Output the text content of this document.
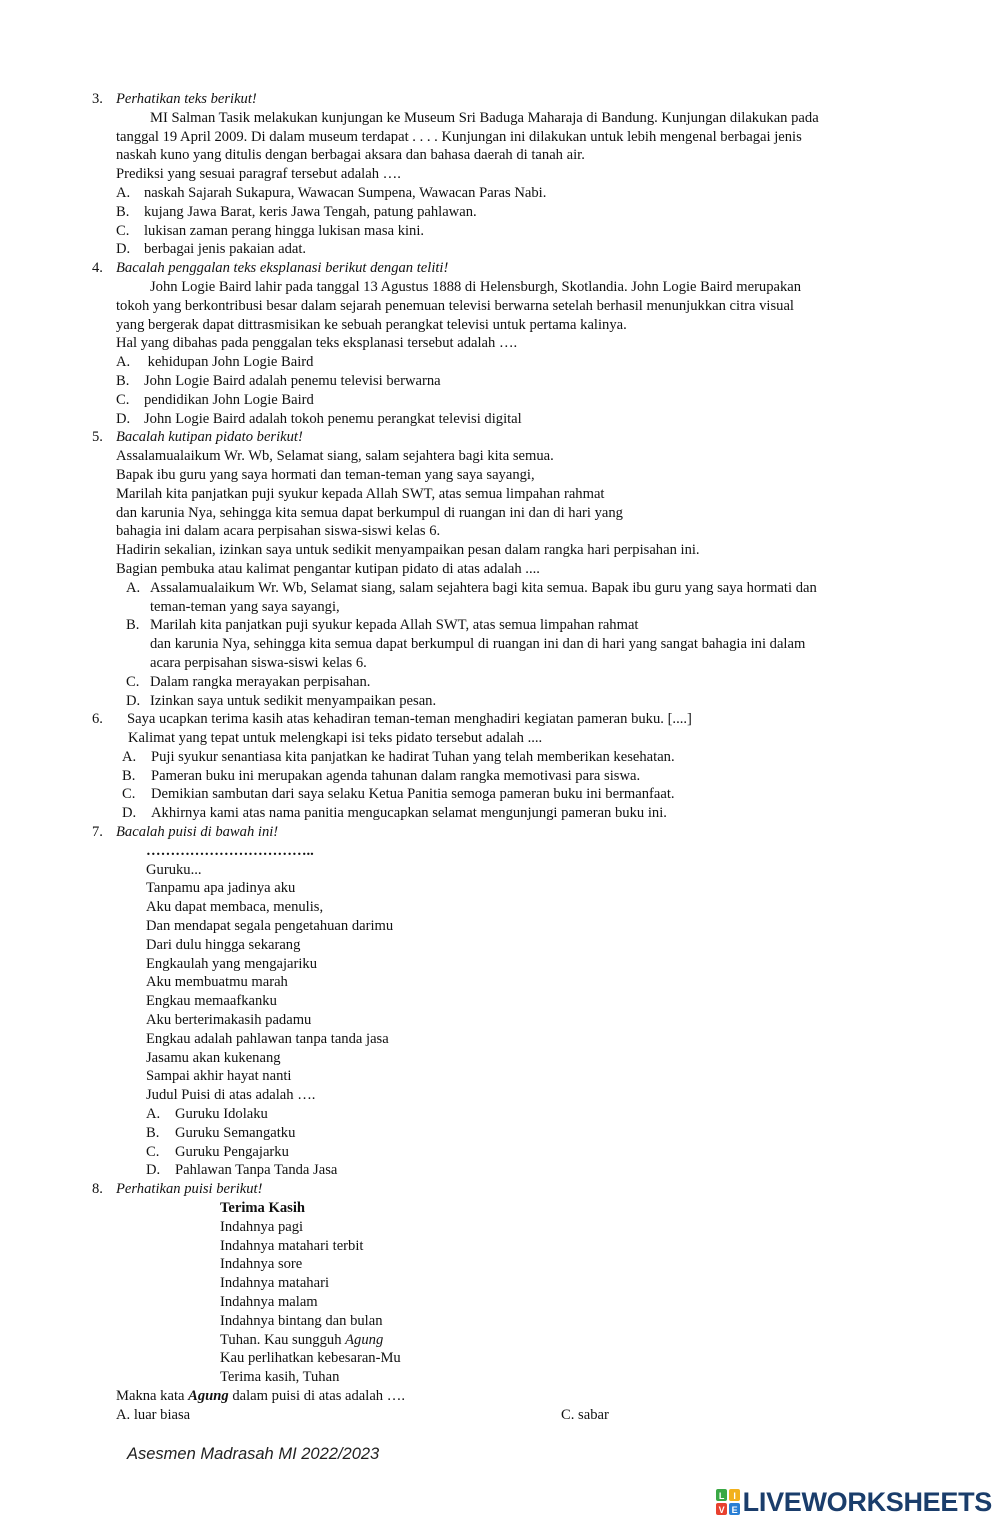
3. Perhatikan teks berikut!
MI Salman Tasik melakukan kunjungan ke Museum Sri Baduga Maharaja di Bandung. Kunjungan dilakukan pada
tanggal 19 April 2009. Di dalam museum terdapat . . . . Kunjungan ini dilakukan untuk lebih mengenal berbagai jenis
naskah kuno yang ditulis dengan berbagai aksara dan bahasa daerah di tanah air.
Prediksi yang sesuai paragraf tersebut adalah ….
A. naskah Sajarah Sukapura, Wawacan Sumpena, Wawacan Paras Nabi.
B. kujang Jawa Barat, keris Jawa Tengah, patung pahlawan.
C. lukisan zaman perang hingga lukisan masa kini.
D. berbagai jenis pakaian adat.
4. Bacalah penggalan teks eksplanasi berikut dengan teliti!
John Logie Baird lahir pada tanggal 13 Agustus 1888 di Helensburgh, Skotlandia. John Logie Baird merupakan
tokoh yang berkontribusi besar dalam sejarah penemuan televisi berwarna setelah berhasil menunjukkan citra visual
yang bergerak dapat dittrasmisikan ke sebuah perangkat televisi untuk pertama kalinya.
Hal yang dibahas pada penggalan teks eksplanasi tersebut adalah ….
A. kehidupan John Logie Baird
B. John Logie Baird adalah penemu televisi berwarna
C. pendidikan John Logie Baird
D. John Logie Baird adalah tokoh penemu perangkat televisi digital
5. Bacalah kutipan pidato berikut!
Assalamualaikum Wr. Wb, Selamat siang, salam sejahtera bagi kita semua.
Bapak ibu guru yang saya hormati dan teman-teman yang saya sayangi,
Marilah kita panjatkan puji syukur kepada Allah SWT, atas semua limpahan rahmat
dan karunia Nya, sehingga kita semua dapat berkumpul di ruangan ini dan di hari yang
bahagia ini dalam acara perpisahan siswa-siswi kelas 6.
Hadirin sekalian, izinkan saya untuk sedikit menyampaikan pesan dalam rangka hari perpisahan ini.
Bagian pembuka atau kalimat pengantar kutipan pidato di atas adalah ....
A. Assalamualaikum Wr. Wb, Selamat siang, salam sejahtera bagi kita semua. Bapak ibu guru yang saya hormati dan
teman-teman yang saya sayangi,
B. Marilah kita panjatkan puji syukur kepada Allah SWT, atas semua limpahan rahmat
dan karunia Nya, sehingga kita semua dapat berkumpul di ruangan ini dan di hari yang sangat bahagia ini dalam
acara perpisahan siswa-siswi kelas 6.
C. Dalam rangka merayakan perpisahan.
D. Izinkan saya untuk sedikit menyampaikan pesan.
6. Saya ucapkan terima kasih atas kehadiran teman-teman menghadiri kegiatan pameran buku. [....]
Kalimat yang tepat untuk melengkapi isi teks pidato tersebut adalah ....
A. Puji syukur senantiasa kita panjatkan ke hadirat Tuhan yang telah memberikan kesehatan.
B. Pameran buku ini merupakan agenda tahunan dalam rangka memotivasi para siswa.
C. Demikian sambutan dari saya selaku Ketua Panitia semoga pameran buku ini bermanfaat.
D. Akhirnya kami atas nama panitia mengucapkan selamat mengunjungi pameran buku ini.
7. Bacalah puisi di bawah ini!
……………………………..
Guruku...
Tanpamu apa jadinya aku
Aku dapat membaca, menulis,
Dan mendapat segala pengetahuan darimu
Dari dulu hingga sekarang
Engkaulah yang mengajariku
Aku membuatmu marah
Engkau memaafkanku
Aku berterimakasih padamu
Engkau adalah pahlawan tanpa tanda jasa
Jasamu akan kukenang
Sampai akhir hayat nanti
Judul Puisi di atas adalah ….
A. Guruku Idolaku
B. Guruku Semangatku
C. Guruku Pengajarku
D. Pahlawan Tanpa Tanda Jasa
8. Perhatikan puisi berikut!
Terima Kasih
Indahnya pagi
Indahnya matahari terbit
Indahnya sore
Indahnya matahari
Indahnya malam
Indahnya bintang dan bulan
Tuhan. Kau sungguh Agung
Kau perlihatkan kebesaran-Mu
Terima kasih, Tuhan
Makna kata Agung dalam puisi di atas adalah ….
A. luar biasa	C. sabar
Asesmen Madrasah MI 2022/2023
L I
V E LIVEWORKSHEETS
